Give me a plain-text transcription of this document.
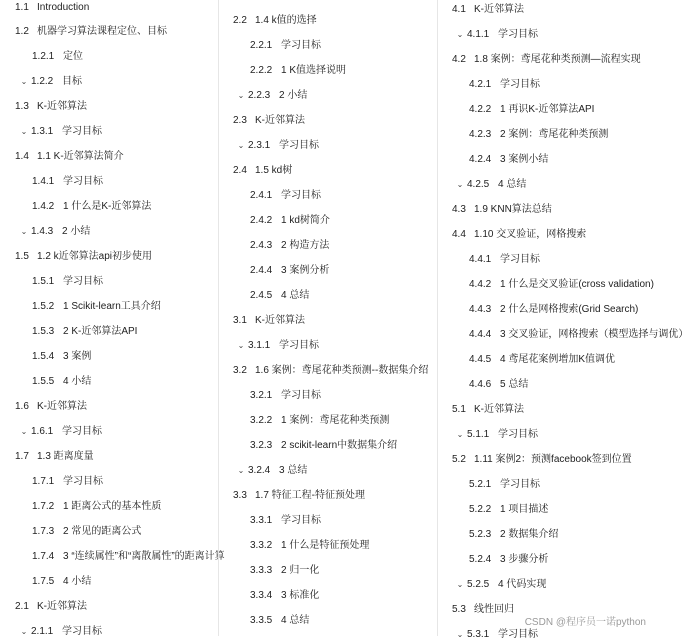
1.1 Introduction
1.2 机器学习算法课程定位、目标
1.2.1 定位
⌄ 1.2.2 目标
1.3 K-近邻算法
⌄ 1.3.1 学习目标
1.4 1.1 K-近邻算法简介
1.4.1 学习目标
1.4.2 1 什么是K-近邻算法
⌄ 1.4.3 2 小结
1.5 1.2 k近邻算法api初步使用
1.5.1 学习目标
1.5.2 1 Scikit-learn工具介绍
1.5.3 2 K-近邻算法API
1.5.4 3 案例
1.5.5 4 小结
1.6 K-近邻算法
⌄ 1.6.1 学习目标
1.7 1.3 距离度量
1.7.1 学习目标
1.7.2 1 距离公式的基本性质
1.7.3 2 常见的距离公式
1.7.4 3 “连续属性”和“离散属性”的距离计算
1.7.5 4 小结
2.1 K-近邻算法
⌄ 2.1.1 学习目标
2.2 1.4 k值的选择
2.2.1 学习目标
2.2.2 1 K值选择说明
⌄ 2.2.3 2 小结
2.3 K-近邻算法
⌄ 2.3.1 学习目标
2.4 1.5 kd树
2.4.1 学习目标
2.4.2 1 kd树简介
2.4.3 2 构造方法
2.4.4 3 案例分析
2.4.5 4 总结
3.1 K-近邻算法
⌄ 3.1.1 学习目标
3.2 1.6 案例：鸢尾花种类预测--数据集介绍
3.2.1 学习目标
3.2.2 1 案例：鸢尾花种类预测
3.2.3 2 scikit-learn中数据集介绍
⌄ 3.2.4 3 总结
3.3 1.7 特征工程-特征预处理
3.3.1 学习目标
3.3.2 1 什么是特征预处理
3.3.3 2 归一化
3.3.4 3 标准化
3.3.5 4 总结
4.1 K-近邻算法
⌄ 4.1.1 学习目标
4.2 1.8 案例：鸢尾花种类预测—流程实现
4.2.1 学习目标
4.2.2 1 再识K-近邻算法API
4.2.3 2 案例：鸢尾花种类预测
4.2.4 3 案例小结
⌄ 4.2.5 4 总结
4.3 1.9 KNN算法总结
4.4 1.10 交叉验证，网格搜索
4.4.1 学习目标
4.4.2 1 什么是交叉验证(cross validation)
4.4.3 2 什么是网格搜索(Grid Search)
4.4.4 3 交叉验证，网格搜索（模型选择与调优）
4.4.5 4 鸢尾花案例增加K值调优
4.4.6 5 总结
5.1 K-近邻算法
⌄ 5.1.1 学习目标
5.2 1.11 案例2：预测facebook签到位置
5.2.1 学习目标
5.2.2 1 项目描述
5.2.3 2 数据集介绍
5.2.4 3 步骤分析
⌄ 5.2.5 4 代码实现
5.3 线性回归
⌄ 5.3.1 学习目标
CSDN @程序员一诺python
